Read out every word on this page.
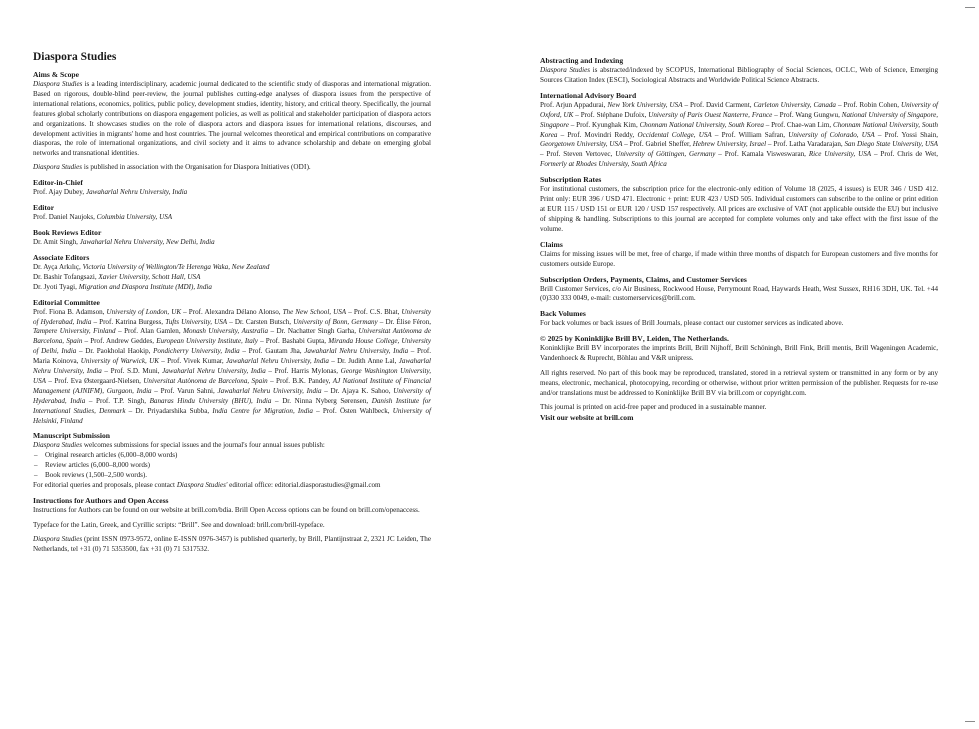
Diaspora Studies
Aims & Scope
Diaspora Studies is a leading interdisciplinary, academic journal dedicated to the scientific study of diasporas and international migration. Based on rigorous, double-blind peer-review, the journal publishes cutting-edge analyses of diaspora issues from the perspective of international relations, economics, politics, public policy, development studies, identity, history, and critical theory. Specifically, the journal features global scholarly contributions on diaspora engagement policies, as well as political and stakeholder participation of diaspora actors and organizations. It showcases studies on the role of diaspora actors and diaspora issues for international relations, discourses, and development activities in migrants' home and host countries. The journal welcomes theoretical and empirical contributions on comparative diasporas, the role of international organizations, and civil society and it aims to advance scholarship and debate on emerging global networks and transnational identities.
Diaspora Studies is published in association with the Organisation for Diaspora Initiatives (ODI).
Editor-in-Chief
Prof. Ajay Dubey, Jawaharlal Nehru University, India
Editor
Prof. Daniel Naujoks, Columbia University, USA
Book Reviews Editor
Dr. Amit Singh, Jawaharlal Nehru University, New Delhi, India
Associate Editors
Dr. Ayça Arkılıç, Victoria University of Wellington/Te Herenga Waka, New Zealand
Dr. Bashir Tofangsazi, Xavier University, Schott Hall, USA
Dr. Jyoti Tyagi, Migration and Diaspora Institute (MDI), India
Editorial Committee
Prof. Fiona B. Adamson, University of London, UK – Prof. Alexandra Délano Alonso, The New School, USA – Prof. C.S. Bhat, University of Hyderabad, India – Prof. Katrina Burgess, Tufts University, USA – Dr. Carsten Butsch, University of Bonn, Germany – Dr. Élise Féron, Tampere University, Finland – Prof. Alan Gamlen, Monash University, Australia – Dr. Nachatter Singh Garha, Universitat Autònoma de Barcelona, Spain – Prof. Andrew Geddes, European University Institute, Italy – Prof. Bashabi Gupta, Miranda House College, University of Delhi, India – Dr. Paokholal Haokip, Pondicherry University, India – Prof. Gautam Jha, Jawaharlal Nehru University, India – Prof. Maria Koinova, University of Warwick, UK – Prof. Vivek Kumar, Jawaharlal Nehru University, India – Dr. Judith Anne Lal, Jawaharlal Nehru University, India – Prof. S.D. Muni, Jawaharlal Nehru University, India – Prof. Harris Mylonas, George Washington University, USA – Prof. Eva Østergaard-Nielsen, Universitat Autònoma de Barcelona, Spain – Prof. B.K. Pandey, AJ National Institute of Financial Management (AJNIFM), Gurgaon, India – Prof. Varun Sahni, Jawaharlal Nehru University, India – Dr. Ajaya K. Sahoo, University of Hyderabad, India – Prof. T.P. Singh, Banaras Hindu University (BHU), India – Dr. Ninna Nyberg Sørensen, Danish Institute for International Studies, Denmark – Dr. Priyadarshika Subba, India Centre for Migration, India – Prof. Östen Wahlbeck, University of Helsinki, Finland
Manuscript Submission
Diaspora Studies welcomes submissions for special issues and the journal's four annual issues publish:
– Original research articles (6,000–8,000 words)
– Review articles (6,000–8,000 words)
– Book reviews (1,500–2,500 words).
For editorial queries and proposals, please contact Diaspora Studies' editorial office: editorial.diasporastudies@gmail.com
Instructions for Authors and Open Access
Instructions for Authors can be found on our website at brill.com/bdia. Brill Open Access options can be found on brill.com/openaccess.
Typeface for the Latin, Greek, and Cyrillic scripts: “Brill”. See and download: brill.com/brill-typeface.
Diaspora Studies (print ISSN 0973-9572, online E-ISSN 0976-3457) is published quarterly, by Brill, Plantijnstraat 2, 2321 JC Leiden, The Netherlands, tel +31 (0) 71 5353500, fax +31 (0) 71 5317532.
Abstracting and Indexing
Diaspora Studies is abstracted/indexed by SCOPUS, International Bibliography of Social Sciences, OCLC, Web of Science, Emerging Sources Citation Index (ESCI), Sociological Abstracts and Worldwide Political Science Abstracts.
International Advisory Board
Prof. Arjun Appadurai, New York University, USA – Prof. David Carment, Carleton University, Canada – Prof. Robin Cohen, University of Oxford, UK – Prof. Stéphane Dufoix, University of Paris Ouest Nanterre, France – Prof. Wang Gungwu, National University of Singapore, Singapore – Prof. Kyunghak Kim, Chonnam National University, South Korea – Prof. Chae-wan Lim, Chonnam National University, South Korea – Prof. Movindri Reddy, Occidental College, USA – Prof. William Safran, University of Colorado, USA – Prof. Yossi Shain, Georgetown University, USA – Prof. Gabriel Sheffer, Hebrew University, Israel – Prof. Latha Varadarajan, San Diego State University, USA – Prof. Steven Vertovec, University of Göttingen, Germany – Prof. Kamala Visweswaran, Rice University, USA – Prof. Chris de Wet, Formerly at Rhodes University, South Africa
Subscription Rates
For institutional customers, the subscription price for the electronic-only edition of Volume 18 (2025, 4 issues) is EUR 346 / USD 412. Print only: EUR 396 / USD 471. Electronic + print: EUR 423 / USD 505. Individual customers can subscribe to the online or print edition at EUR 115 / USD 151 or EUR 120 / USD 157 respectively. All prices are exclusive of VAT (not applicable outside the EU) but inclusive of shipping & handling. Subscriptions to this journal are accepted for complete volumes only and take effect with the first issue of the volume.
Claims
Claims for missing issues will be met, free of charge, if made within three months of dispatch for European customers and five months for customers outside Europe.
Subscription Orders, Payments, Claims, and Customer Services
Brill Customer Services, c/o Air Business, Rockwood House, Perrymount Road, Haywards Heath, West Sussex, RH16 3DH, UK. Tel. +44 (0)330 333 0049, e-mail: customerservices@brill.com.
Back Volumes
For back volumes or back issues of Brill Journals, please contact our customer services as indicated above.
© 2025 by Koninklijke Brill BV, Leiden, The Netherlands.
Koninklijke Brill BV incorporates the imprints Brill, Brill Nijhoff, Brill Schöningh, Brill Fink, Brill mentis, Brill Wageningen Academic, Vandenhoeck & Ruprecht, Böhlau and V&R unipress.
All rights reserved. No part of this book may be reproduced, translated, stored in a retrieval system or transmitted in any form or by any means, electronic, mechanical, photocopying, recording or otherwise, without prior written permission of the publisher. Requests for re-use and/or translations must be addressed to Koninklijke Brill BV via brill.com or copyright.com.
This journal is printed on acid-free paper and produced in a sustainable manner.
Visit our website at brill.com
